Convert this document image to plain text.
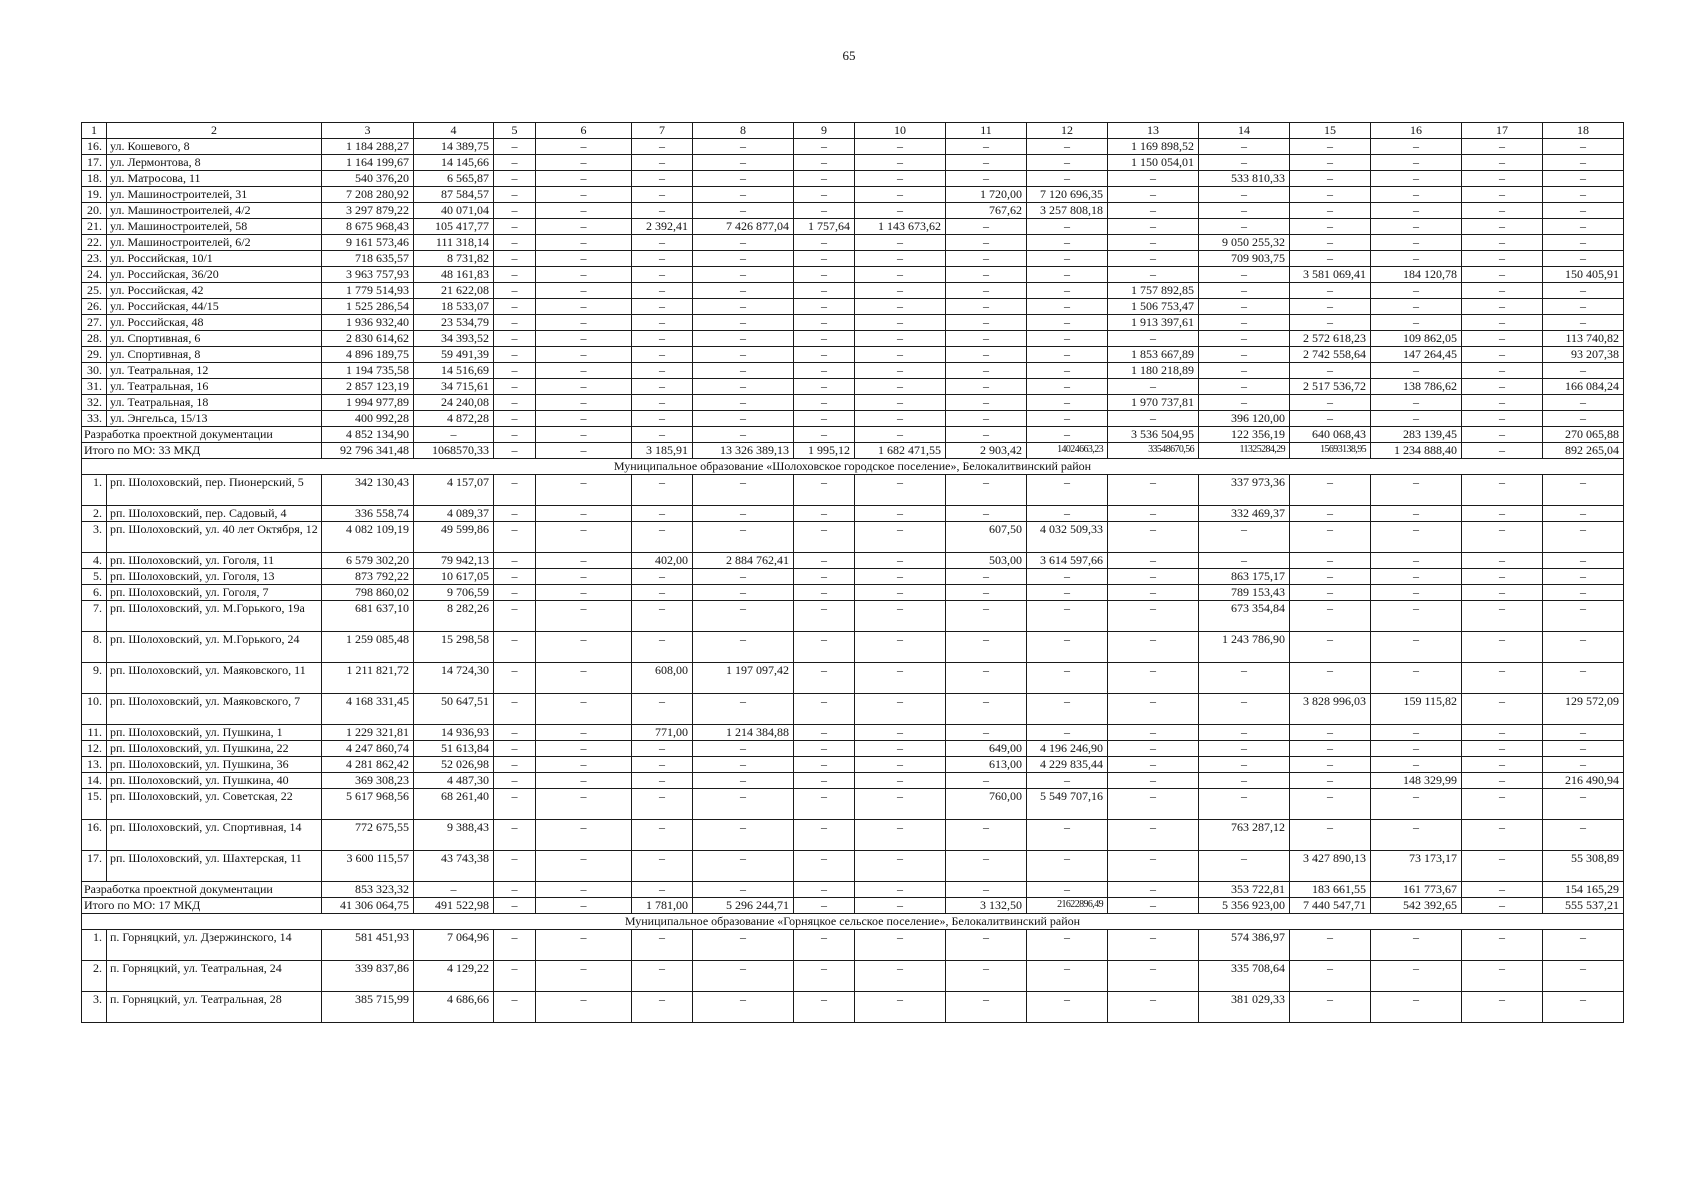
65
1	2	3	4	5	6	7	8	9	10	11	12	13	14	15	16	17	18
16.	ул. Кошевого, 8	1 184 288,27	14 389,75	–	–	–	–	–	–	–	–	1 169 898,52	–	–	–	–	–
17.	ул. Лермонтова, 8	1 164 199,67	14 145,66	–	–	–	–	–	–	–	–	1 150 054,01	–	–	–	–	–
18.	ул. Матросова, 11	540 376,20	6 565,87	–	–	–	–	–	–	–	–	–	533 810,33	–	–	–	–
19.	ул. Машиностроителей, 31	7 208 280,92	87 584,57	–	–	–	–	–	–	1 720,00	7 120 696,35	–	–	–	–	–	–
20.	ул. Машиностроителей, 4/2	3 297 879,22	40 071,04	–	–	–	–	–	–	767,62	3 257 808,18	–	–	–	–	–	–
21.	ул. Машиностроителей, 58	8 675 968,43	105 417,77	–	–	2 392,41	7 426 877,04	1 757,64	1 143 673,62	–	–	–	–	–	–	–	–
22.	ул. Машиностроителей, 6/2	9 161 573,46	111 318,14	–	–	–	–	–	–	–	–	–	9 050 255,32	–	–	–	–
23.	ул. Российская, 10/1	718 635,57	8 731,82	–	–	–	–	–	–	–	–	–	709 903,75	–	–	–	–
24.	ул. Российская, 36/20	3 963 757,93	48 161,83	–	–	–	–	–	–	–	–	–	–	3 581 069,41	184 120,78	–	150 405,91
25.	ул. Российская, 42	1 779 514,93	21 622,08	–	–	–	–	–	–	–	–	1 757 892,85	–	–	–	–	–
26.	ул. Российская, 44/15	1 525 286,54	18 533,07	–	–	–	–	–	–	–	–	1 506 753,47	–	–	–	–	–
27.	ул. Российская, 48	1 936 932,40	23 534,79	–	–	–	–	–	–	–	–	1 913 397,61	–	–	–	–	–
28.	ул. Спортивная, 6	2 830 614,62	34 393,52	–	–	–	–	–	–	–	–	–	–	2 572 618,23	109 862,05	–	113 740,82
29.	ул. Спортивная, 8	4 896 189,75	59 491,39	–	–	–	–	–	–	–	–	1 853 667,89	–	2 742 558,64	147 264,45	–	93 207,38
30.	ул. Театральная, 12	1 194 735,58	14 516,69	–	–	–	–	–	–	–	–	1 180 218,89	–	–	–	–	–
31.	ул. Театральная, 16	2 857 123,19	34 715,61	–	–	–	–	–	–	–	–	–	–	2 517 536,72	138 786,62	–	166 084,24
32.	ул. Театральная, 18	1 994 977,89	24 240,08	–	–	–	–	–	–	–	–	1 970 737,81	–	–	–	–	–
33.	ул. Энгельса, 15/13	400 992,28	4 872,28	–	–	–	–	–	–	–	–	–	396 120,00	–	–	–	–
Разработка проектной документации		4 852 134,90	–	–	–	–	–	–	–	–	–	3 536 504,95	122 356,19	640 068,43	283 139,45	–	270 065,88
Итого по МО: 33 МКД		92 796 341,48	1068570,33	–	–	3 185,91	13 326 389,13	1 995,12	1 682 471,55	2 903,42	14024663,23	33548670,56	11325284,29	15693138,95	1 234 888,40	–	892 265,04
Муниципальное образование «Шолоховское городское поселение», Белокалитвинский район																	
1.	рп. Шолоховский, пер. Пионерский, 5	342 130,43	4 157,07	–	–	–	–	–	–	–	–	–	337 973,36	–	–	–	–
2.	рп. Шолоховский, пер. Садовый, 4	336 558,74	4 089,37	–	–	–	–	–	–	–	–	–	332 469,37	–	–	–	–
3.	рп. Шолоховский, ул. 40 лет Октября, 12	4 082 109,19	49 599,86	–	–	–	–	–	–	607,50	4 032 509,33	–	–	–	–	–	–
4.	рп. Шолоховский, ул. Гоголя, 11	6 579 302,20	79 942,13	–	–	402,00	2 884 762,41	–	–	503,00	3 614 597,66	–	–	–	–	–	–
5.	рп. Шолоховский, ул. Гоголя, 13	873 792,22	10 617,05	–	–	–	–	–	–	–	–	–	863 175,17	–	–	–	–
6.	рп. Шолоховский, ул. Гоголя, 7	798 860,02	9 706,59	–	–	–	–	–	–	–	–	–	789 153,43	–	–	–	–
7.	рп. Шолоховский, ул. М.Горького, 19а	681 637,10	8 282,26	–	–	–	–	–	–	–	–	–	673 354,84	–	–	–	–
8.	рп. Шолоховский, ул. М.Горького, 24	1 259 085,48	15 298,58	–	–	–	–	–	–	–	–	–	1 243 786,90	–	–	–	–
9.	рп. Шолоховский, ул. Маяковского, 11	1 211 821,72	14 724,30	–	–	608,00	1 197 097,42	–	–	–	–	–	–	–	–	–	–
10.	рп. Шолоховский, ул. Маяковского, 7	4 168 331,45	50 647,51	–	–	–	–	–	–	–	–	–	–	3 828 996,03	159 115,82	–	129 572,09
11.	рп. Шолоховский, ул. Пушкина, 1	1 229 321,81	14 936,93	–	–	771,00	1 214 384,88	–	–	–	–	–	–	–	–	–	–
12.	рп. Шолоховский, ул. Пушкина, 22	4 247 860,74	51 613,84	–	–	–	–	–	–	649,00	4 196 246,90	–	–	–	–	–	–
13.	рп. Шолоховский, ул. Пушкина, 36	4 281 862,42	52 026,98	–	–	–	–	–	–	613,00	4 229 835,44	–	–	–	–	–	–
14.	рп. Шолоховский, ул. Пушкина, 40	369 308,23	4 487,30	–	–	–	–	–	–	–	–	–	–	–	148 329,99	–	216 490,94
15.	рп. Шолоховский, ул. Советская, 22	5 617 968,56	68 261,40	–	–	–	–	–	–	760,00	5 549 707,16	–	–	–	–	–	–
16.	рп. Шолоховский, ул. Спортивная, 14	772 675,55	9 388,43	–	–	–	–	–	–	–	–	–	763 287,12	–	–	–	–
17.	рп. Шолоховский, ул. Шахтерская, 11	3 600 115,57	43 743,38	–	–	–	–	–	–	–	–	–	–	3 427 890,13	73 173,17	–	55 308,89
Разработка проектной документации		853 323,32	–	–	–	–	–	–	–	–	–	–	353 722,81	183 661,55	161 773,67	–	154 165,29
Итого по МО: 17 МКД		41 306 064,75	491 522,98	–	–	1 781,00	5 296 244,71	–	–	3 132,50	21622896,49	–	5 356 923,00	7 440 547,71	542 392,65	–	555 537,21
Муниципальное образование «Горняцкое сельское поселение», Белокалитвинский район																	
1.	п. Горняцкий, ул. Дзержинского, 14	581 451,93	7 064,96	–	–	–	–	–	–	–	–	–	574 386,97	–	–	–	–
2.	п. Горняцкий, ул. Театральная, 24	339 837,86	4 129,22	–	–	–	–	–	–	–	–	–	335 708,64	–	–	–	–
3.	п. Горняцкий, ул. Театральная, 28	385 715,99	4 686,66	–	–	–	–	–	–	–	–	–	381 029,33	–	–	–	–
